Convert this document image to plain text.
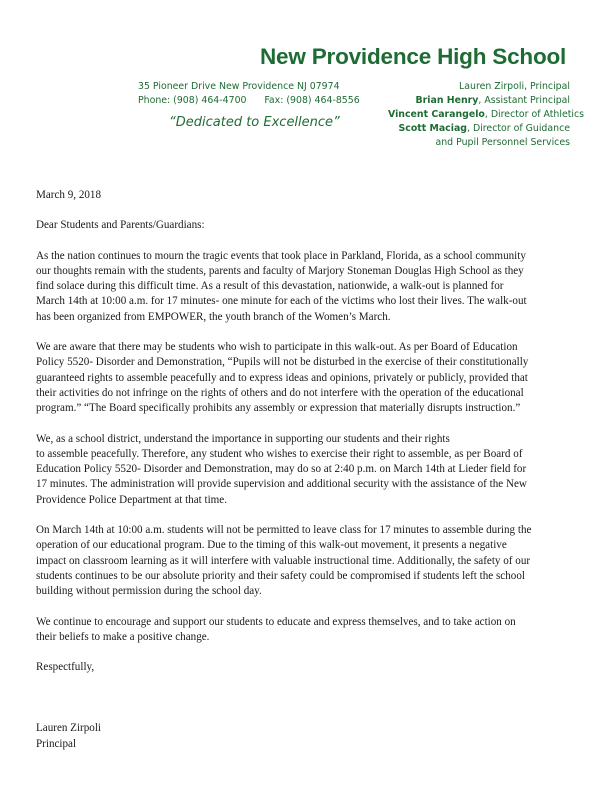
New Providence High School
35 Pioneer Drive New Providence NJ 07974
Phone: (908) 464-4700 Fax: (908) 464-8556
“Dedicated to Excellence”
Lauren Zirpoli, Principal
Brian Henry, Assistant Principal
Vincent Carangelo, Director of Athletics
Scott Maciag, Director of Guidance
and Pupil Personnel Services

March 9, 2018

Dear Students and Parents/Guardians:

As the nation continues to mourn the tragic events that took place in Parkland, Florida, as a school community
our thoughts remain with the students, parents and faculty of Marjory Stoneman Douglas High School as they
find solace during this difficult time. As a result of this devastation, nationwide, a walk-out is planned for
March 14th at 10:00 a.m. for 17 minutes- one minute for each of the victims who lost their lives. The walk-out
has been organized from EMPOWER, the youth branch of the Women’s March.

We are aware that there may be students who wish to participate in this walk-out. As per Board of Education
Policy 5520- Disorder and Demonstration, “Pupils will not be disturbed in the exercise of their constitutionally
guaranteed rights to assemble peacefully and to express ideas and opinions, privately or publicly, provided that
their activities do not infringe on the rights of others and do not interfere with the operation of the educational
program.” “The Board specifically prohibits any assembly or expression that materially disrupts instruction.”

We, as a school district, understand the importance in supporting our students and their rights
to assemble peacefully. Therefore, any student who wishes to exercise their right to assemble, as per Board of
Education Policy 5520- Disorder and Demonstration, may do so at 2:40 p.m. on March 14th at Lieder field for
17 minutes. The administration will provide supervision and additional security with the assistance of the New
Providence Police Department at that time.

On March 14th at 10:00 a.m. students will not be permitted to leave class for 17 minutes to assemble during the
operation of our educational program. Due to the timing of this walk-out movement, it presents a negative
impact on classroom learning as it will interfere with valuable instructional time. Additionally, the safety of our
students continues to be our absolute priority and their safety could be compromised if students left the school
building without permission during the school day.

We continue to encourage and support our students to educate and express themselves, and to take action on
their beliefs to make a positive change.

Respectfully,

Lauren Zirpoli

Principal
